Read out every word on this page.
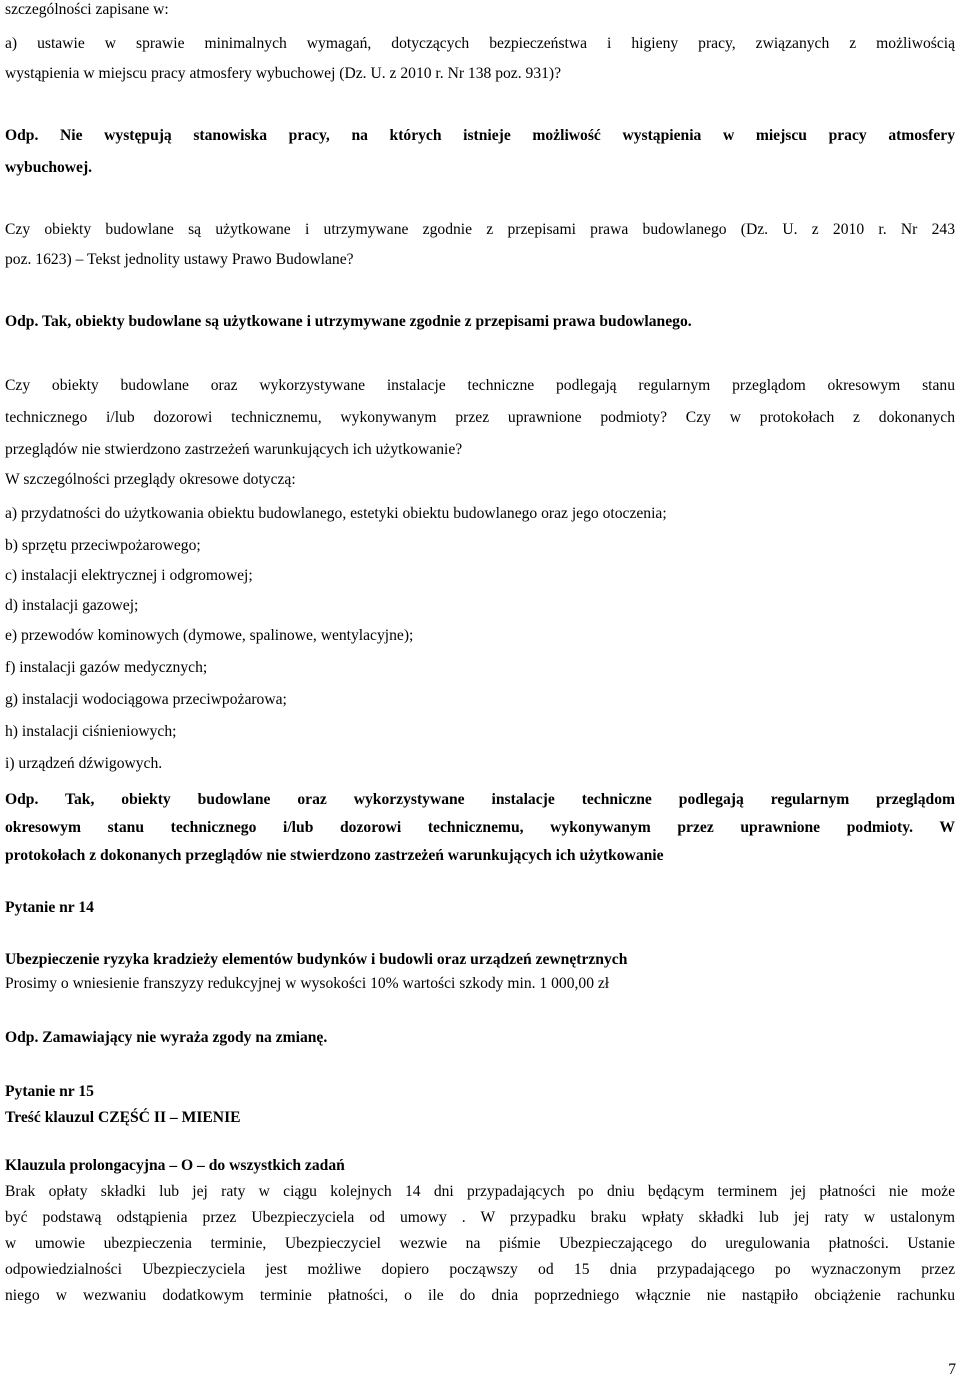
szczególności zapisane w:
a) ustawie w sprawie minimalnych wymagań, dotyczących bezpieczeństwa i higieny pracy, związanych z możliwością
wystąpienia w miejscu pracy atmosfery wybuchowej (Dz. U. z 2010 r. Nr 138 poz. 931)?
Odp. Nie występują stanowiska pracy, na których istnieje możliwość wystąpienia w miejscu pracy atmosfery
wybuchowej.
Czy obiekty budowlane są użytkowane i utrzymywane zgodnie z przepisami prawa budowlanego (Dz. U. z 2010 r. Nr 243
poz. 1623) – Tekst jednolity ustawy Prawo Budowlane?
Odp. Tak, obiekty budowlane są użytkowane i utrzymywane zgodnie z przepisami prawa budowlanego.
Czy obiekty budowlane oraz wykorzystywane instalacje techniczne podlegają regularnym przeglądom okresowym stanu
technicznego i/lub dozorowi technicznemu, wykonywanym przez uprawnione podmioty? Czy w protokołach z dokonanych
przeglądów nie stwierdzono zastrzeżeń warunkujących ich użytkowanie?
W szczególności przeglądy okresowe dotyczą:
a) przydatności do użytkowania obiektu budowlanego, estetyki obiektu budowlanego oraz jego otoczenia;
b) sprzętu przeciwpożarowego;
c) instalacji elektrycznej i odgromowej;
d) instalacji gazowej;
e) przewodów kominowych (dymowe, spalinowe, wentylacyjne);
f) instalacji gazów medycznych;
g) instalacji wodociągowa przeciwpożarowa;
h) instalacji ciśnieniowych;
i) urządzeń dźwigowych.
Odp. Tak, obiekty budowlane oraz wykorzystywane instalacje techniczne podlegają regularnym przeglądom
okresowym stanu technicznego i/lub dozorowi technicznemu, wykonywanym przez uprawnione podmioty. W
protokołach z dokonanych przeglądów nie stwierdzono zastrzeżeń warunkujących ich użytkowanie
Pytanie nr 14
Ubezpieczenie ryzyka kradzieży elementów budynków i budowli oraz urządzeń zewnętrznych
Prosimy o wniesienie franszyzy redukcyjnej w wysokości 10% wartości szkody min. 1 000,00 zł
Odp. Zamawiający nie wyraża zgody na zmianę.
Pytanie nr 15
Treść klauzul CZĘŚĆ II – MIENIE
Klauzula prolongacyjna – O – do wszystkich zadań
Brak opłaty składki lub jej raty w ciągu kolejnych 14 dni przypadających po dniu będącym terminem jej płatności nie może
być podstawą odstąpienia przez Ubezpieczyciela od umowy . W przypadku braku wpłaty składki lub jej raty w ustalonym
w umowie ubezpieczenia terminie, Ubezpieczyciel wezwie na piśmie Ubezpieczającego do uregulowania płatności. Ustanie
odpowiedzialności Ubezpieczyciela jest możliwe dopiero począwszy od 15 dnia przypadającego po wyznaczonym przez
niego w wezwaniu dodatkowym terminie płatności, o ile do dnia poprzedniego włącznie nie nastąpiło obciążenie rachunku
7
